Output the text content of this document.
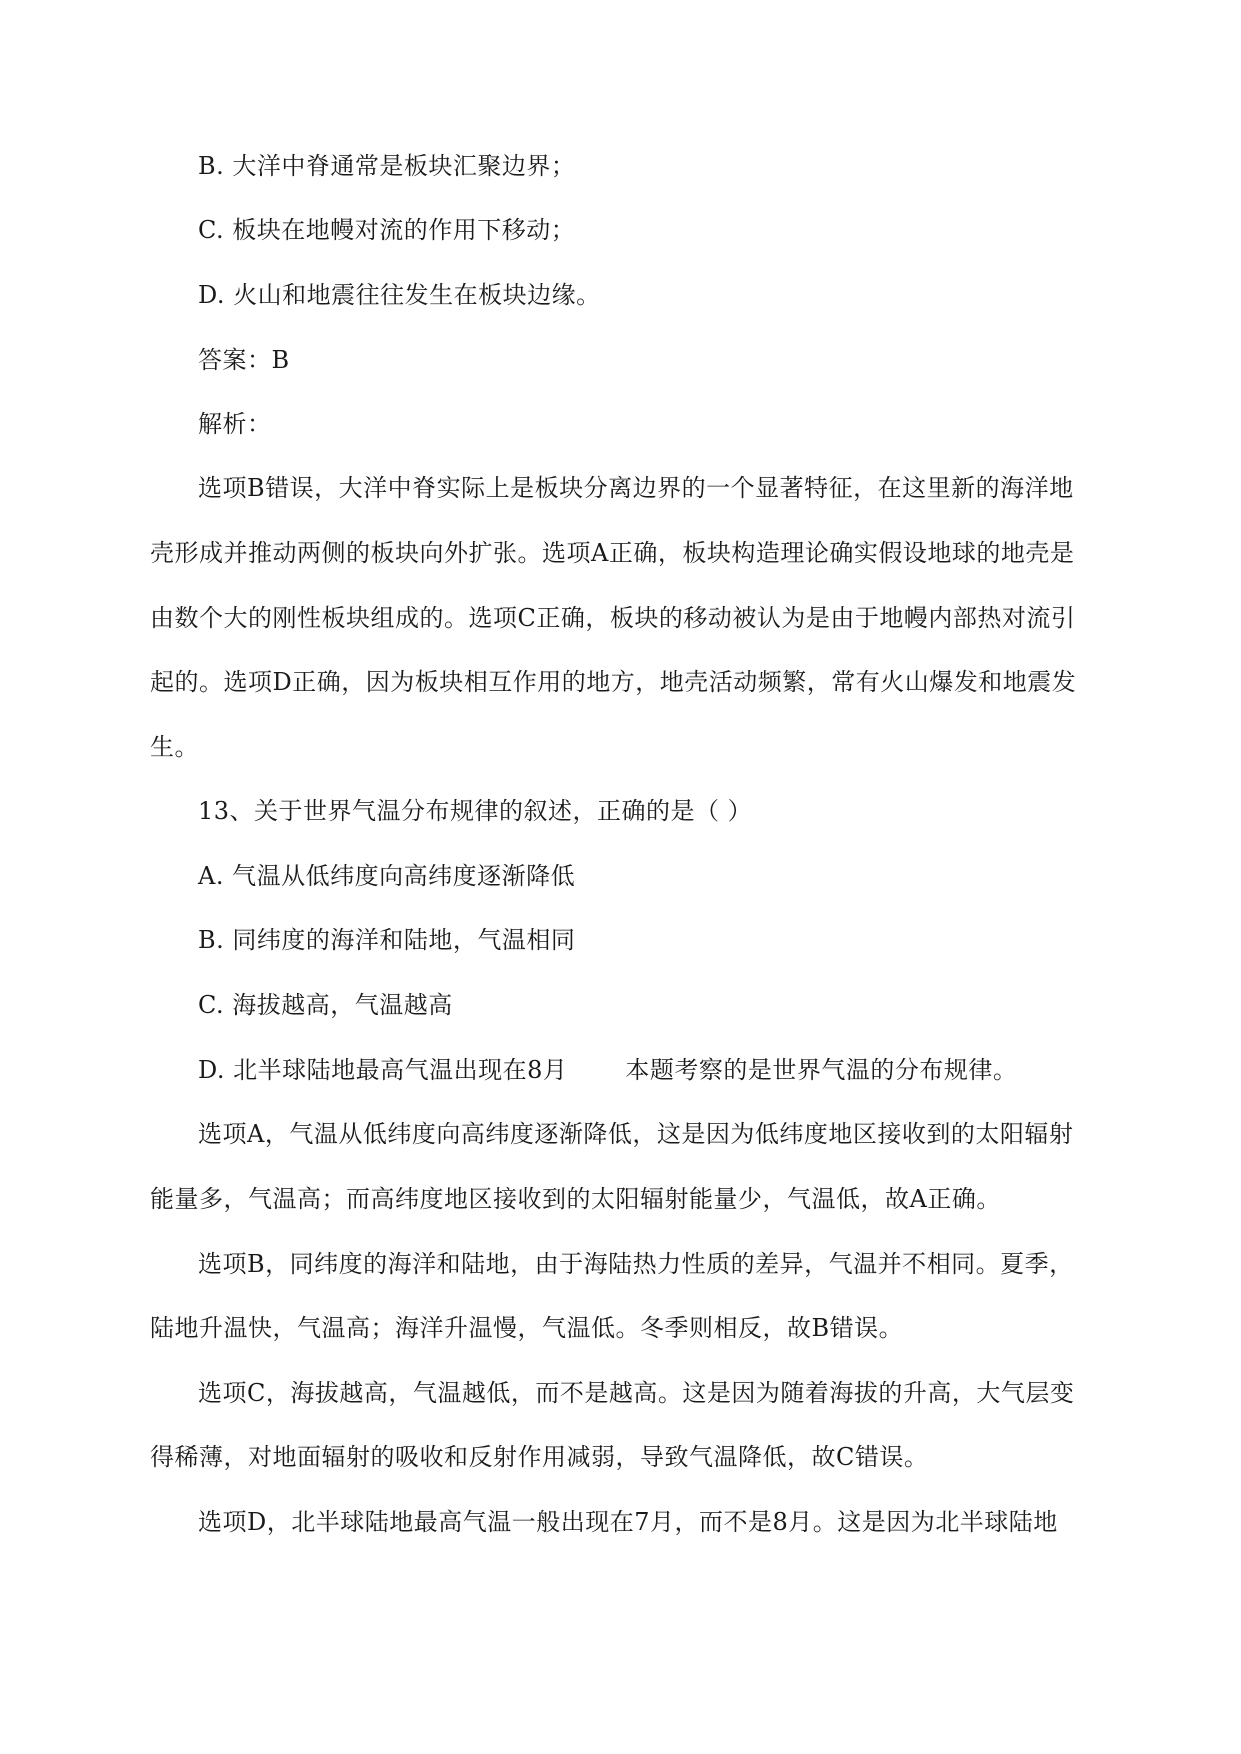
B. 大洋中脊通常是板块汇聚边界；
C. 板块在地幔对流的作用下移动；
D. 火山和地震往往发生在板块边缘。
答案：B
解析：
选项B错误，大洋中脊实际上是板块分离边界的一个显著特征，在这里新的海洋地
壳形成并推动两侧的板块向外扩张。选项A正确，板块构造理论确实假设地球的地壳是
由数个大的刚性板块组成的。选项C正确，板块的移动被认为是由于地幔内部热对流引
起的。选项D正确，因为板块相互作用的地方，地壳活动频繁，常有火山爆发和地震发
生。
13、关于世界气温分布规律的叙述，正确的是（ ）
A. 气温从低纬度向高纬度逐渐降低
B. 同纬度的海洋和陆地，气温相同
C. 海拔越高，气温越高
D. 北半球陆地最高气温出现在8月 本题考察的是世界气温的分布规律。
选项A，气温从低纬度向高纬度逐渐降低，这是因为低纬度地区接收到的太阳辐射
能量多，气温高；而高纬度地区接收到的太阳辐射能量少，气温低，故A正确。
选项B，同纬度的海洋和陆地，由于海陆热力性质的差异，气温并不相同。夏季，
陆地升温快，气温高；海洋升温慢，气温低。冬季则相反，故B错误。
选项C，海拔越高，气温越低，而不是越高。这是因为随着海拔的升高，大气层变
得稀薄，对地面辐射的吸收和反射作用减弱，导致气温降低，故C错误。
选项D，北半球陆地最高气温一般出现在7月，而不是8月。这是因为北半球陆地
